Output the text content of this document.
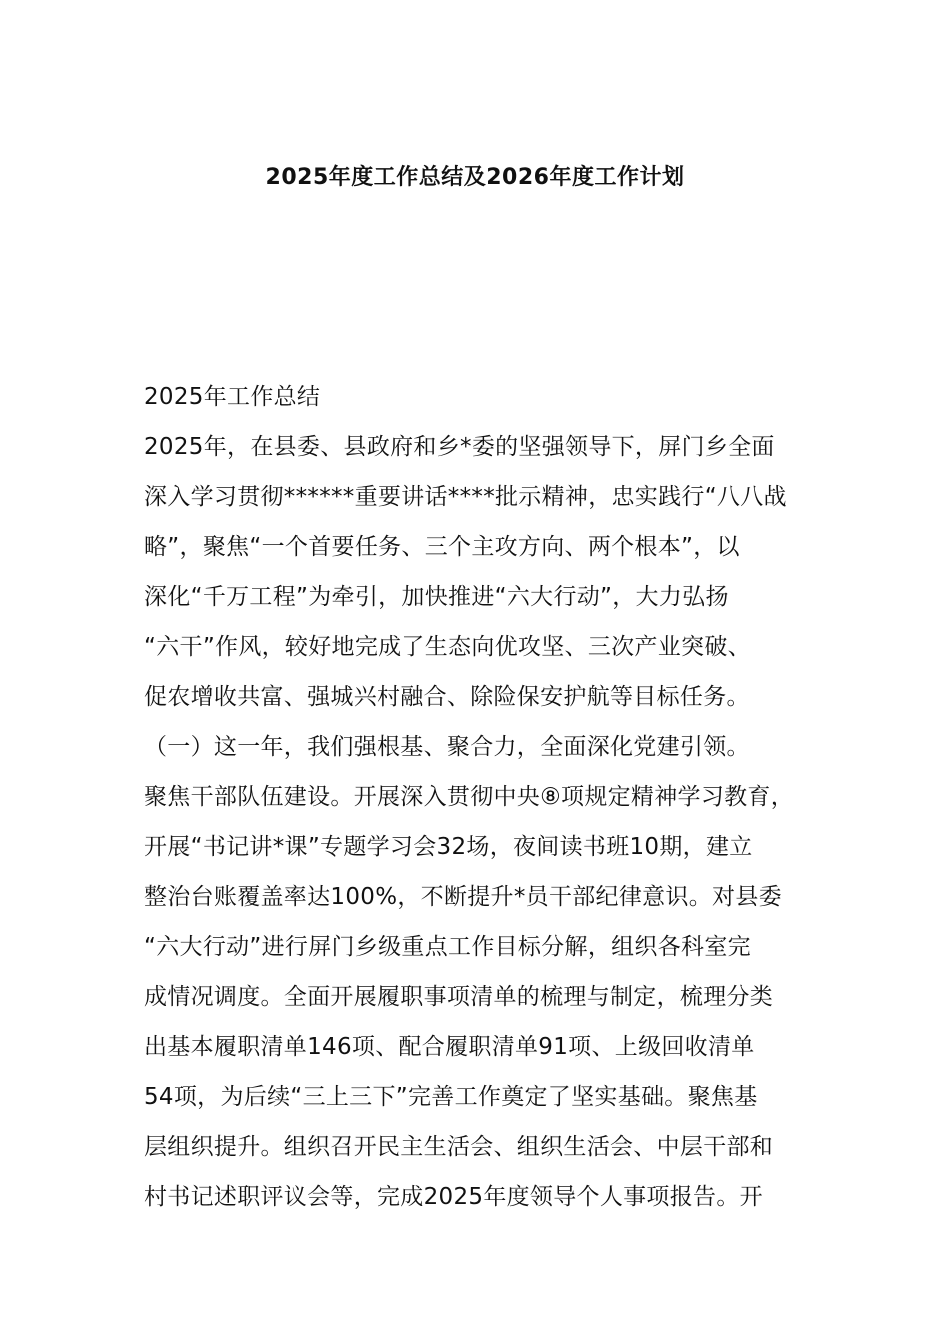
2025年度工作总结及2026年度工作计划
2025年工作总结
2025年，在县委、县政府和乡*委的坚强领导下，屏门乡全面
深入学习贯彻******重要讲话****批示精神，忠实践行“八八战
略”，聚焦“一个首要任务、三个主攻方向、两个根本”，以
深化“千万工程”为牵引，加快推进“六大行动”，大力弘扬
“六干”作风，较好地完成了生态向优攻坚、三次产业突破、
促农增收共富、强城兴村融合、除险保安护航等目标任务。
（一）这一年，我们强根基、聚合力，全面深化党建引领。
聚焦干部队伍建设。开展深入贯彻中央⑧项规定精神学习教育，
开展“书记讲*课”专题学习会32场，夜间读书班10期，建立
整治台账覆盖率达100%，不断提升*员干部纪律意识。对县委
“六大行动”进行屏门乡级重点工作目标分解，组织各科室完
成情况调度。全面开展履职事项清单的梳理与制定，梳理分类
出基本履职清单146项、配合履职清单91项、上级回收清单
54项，为后续“三上三下”完善工作奠定了坚实基础。聚焦基
层组织提升。组织召开民主生活会、组织生活会、中层干部和
村书记述职评议会等，完成2025年度领导个人事项报告。开
